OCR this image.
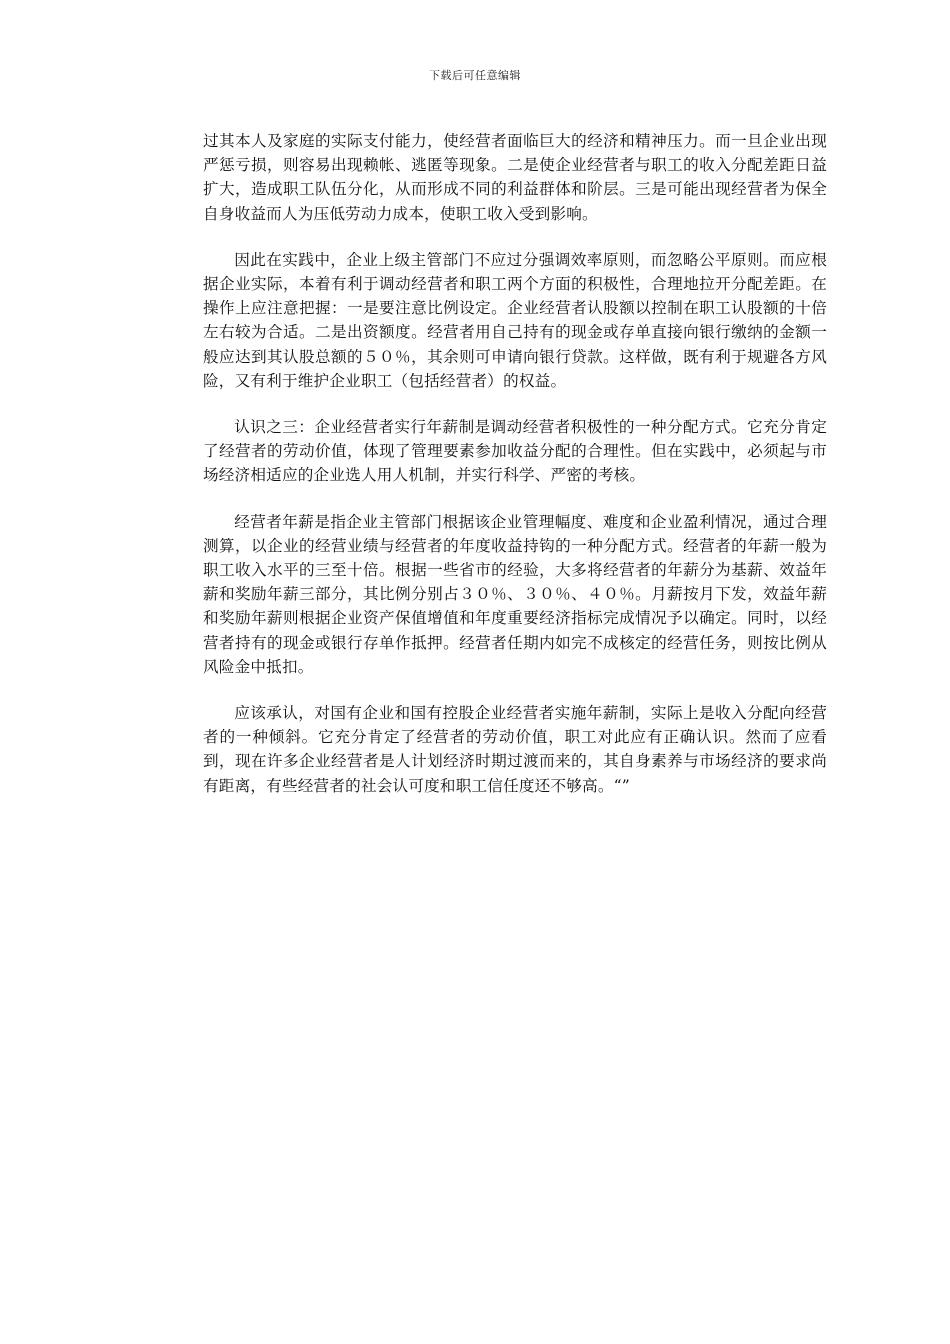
下载后可任意编辑

过其本人及家庭的实际支付能力，使经营者面临巨大的经济和精神压力。而一旦企业出现严惩亏损，则容易出现赖帐、逃匿等现象。二是使企业经营者与职工的收入分配差距日益扩大，造成职工队伍分化，从而形成不同的利益群体和阶层。三是可能出现经营者为保全自身收益而人为压低劳动力成本，使职工收入受到影响。

因此在实践中，企业上级主管部门不应过分强调效率原则，而忽略公平原则。而应根据企业实际，本着有利于调动经营者和职工两个方面的积极性，合理地拉开分配差距。在操作上应注意把握：一是要注意比例设定。企业经营者认股额以控制在职工认股额的十倍左右较为合适。二是出资额度。经营者用自己持有的现金或存单直接向银行缴纳的金额一般应达到其认股总额的５０％，其余则可申请向银行贷款。这样做，既有利于规避各方风险，又有利于维护企业职工（包括经营者）的权益。

认识之三：企业经营者实行年薪制是调动经营者积极性的一种分配方式。它充分肯定了经营者的劳动价值，体现了管理要素参加收益分配的合理性。但在实践中，必须起与市场经济相适应的企业选人用人机制，并实行科学、严密的考核。

经营者年薪是指企业主管部门根据该企业管理幅度、难度和企业盈利情况，通过合理测算，以企业的经营业绩与经营者的年度收益持钩的一种分配方式。经营者的年薪一般为职工收入水平的三至十倍。根据一些省市的经验，大多将经营者的年薪分为基薪、效益年薪和奖励年薪三部分，其比例分别占３０％、３０％、４０％。月薪按月下发，效益年薪和奖励年薪则根据企业资产保值增值和年度重要经济指标完成情况予以确定。同时，以经营者持有的现金或银行存单作抵押。经营者任期内如完不成核定的经营任务，则按比例从风险金中抵扣。

应该承认，对国有企业和国有控股企业经营者实施年薪制，实际上是收入分配向经营者的一种倾斜。它充分肯定了经营者的劳动价值，职工对此应有正确认识。然而了应看到，现在许多企业经营者是人计划经济时期过渡而来的，其自身素养与市场经济的要求尚有距离，有些经营者的社会认可度和职工信任度还不够高。“”
